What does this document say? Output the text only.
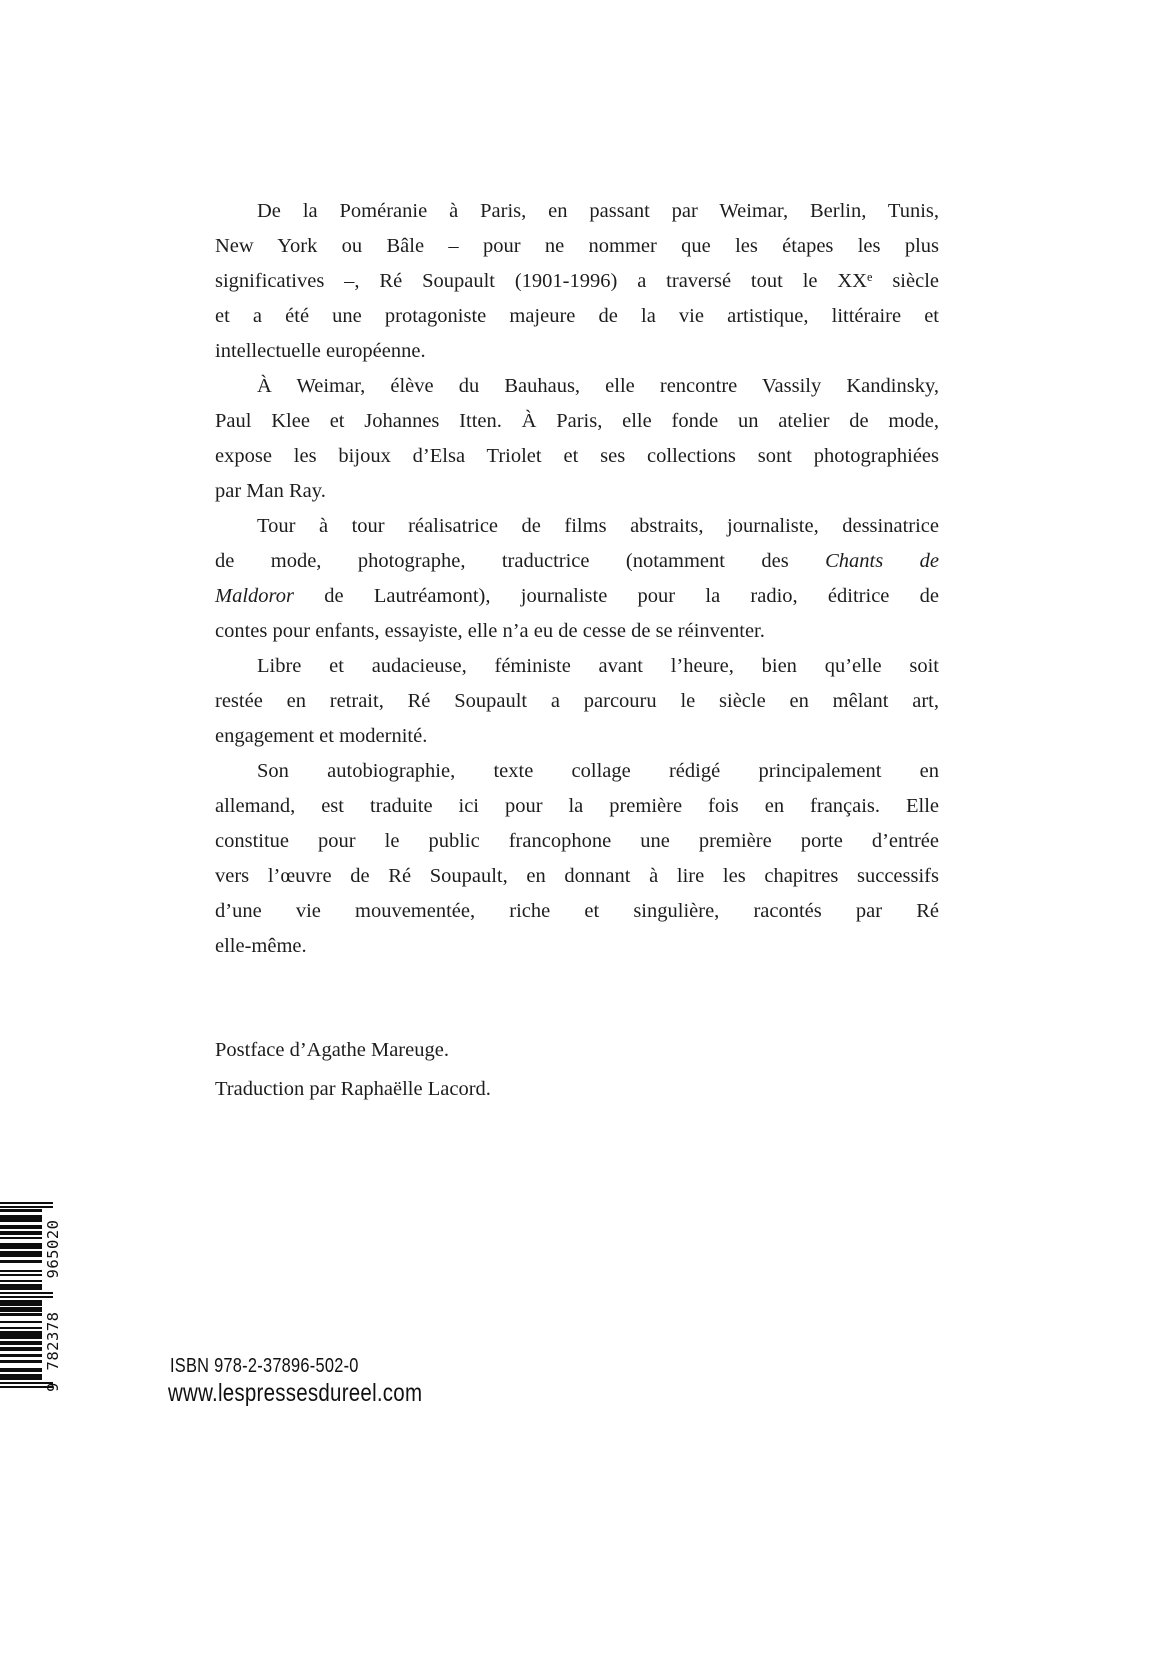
De la Poméranie à Paris, en passant par Weimar, Berlin, Tunis,
New York ou Bâle – pour ne nommer que les étapes les plus
significatives –, Ré Soupault (1901-1996) a traversé tout le XXe siècle
et a été une protagoniste majeure de la vie artistique, littéraire et
intellectuelle européenne.
À Weimar, élève du Bauhaus, elle rencontre Vassily Kandinsky,
Paul Klee et Johannes Itten. À Paris, elle fonde un atelier de mode,
expose les bijoux d’Elsa Triolet et ses collections sont photographiées
par Man Ray.
Tour à tour réalisatrice de films abstraits, journaliste, dessinatrice
de mode, photographe, traductrice (notamment des Chants de
Maldoror de Lautréamont), journaliste pour la radio, éditrice de
contes pour enfants, essayiste, elle n’a eu de cesse de se réinventer.
Libre et audacieuse, féministe avant l’heure, bien qu’elle soit
restée en retrait, Ré Soupault a parcouru le siècle en mêlant art,
engagement et modernité.
Son autobiographie, texte collage rédigé principalement en
allemand, est traduite ici pour la première fois en français. Elle
constitue pour le public francophone une première porte d’entrée
vers l’œuvre de Ré Soupault, en donnant à lire les chapitres successifs
d’une vie mouvementée, riche et singulière, racontés par Ré
elle-même.
Postface d’Agathe Mareuge.
Traduction par Raphaëlle Lacord.
9
782378
965020
ISBN 978-2-37896-502-0
www.lespressesdureel.com
